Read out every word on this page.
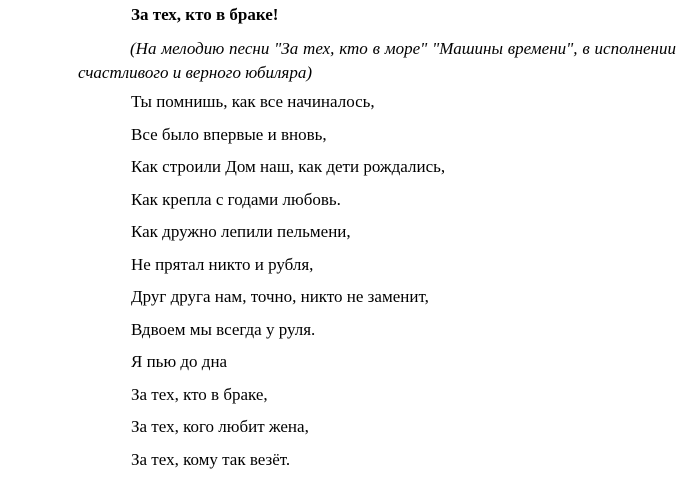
За тех, кто в браке!
(На мелодию песни "За тех, кто в море" "Машины времени", в исполнении счастливого и верного юбиляра)
Ты помнишь, как все начиналось,
Все было впервые и вновь,
Как строили Дом наш, как дети рождались,
Как крепла с годами любовь.
Как дружно лепили пельмени,
Не прятал никто и рубля,
Друг друга нам, точно, никто не заменит,
Вдвоем мы всегда у руля.
Я пью до дна
За тех, кто в браке,
За тех, кого любит жена,
За тех, кому так везёт.
